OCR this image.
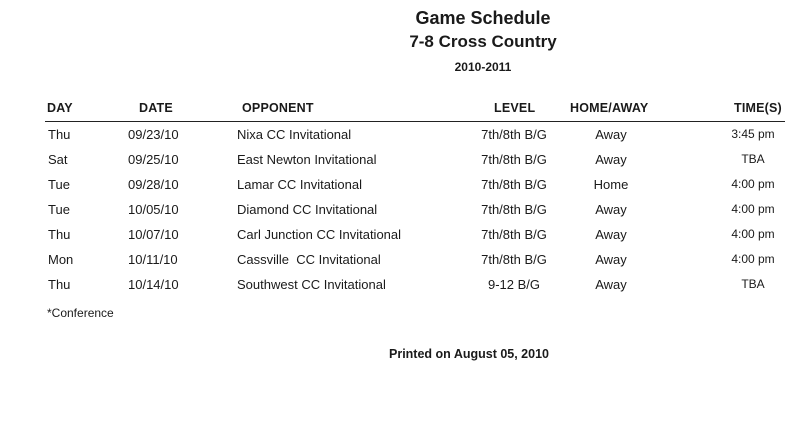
Game Schedule
7-8 Cross Country
2010-2011
DAY	DATE	OPPONENT	LEVEL	HOME/AWAY	TIME(S)
Thu	09/23/10	Nixa CC Invitational	7th/8th B/G	Away	3:45 pm
Sat	09/25/10	East Newton Invitational	7th/8th B/G	Away	TBA
Tue	09/28/10	Lamar CC Invitational	7th/8th B/G	Home	4:00 pm
Tue	10/05/10	Diamond CC Invitational	7th/8th B/G	Away	4:00 pm
Thu	10/07/10	Carl Junction CC Invitational	7th/8th B/G	Away	4:00 pm
Mon	10/11/10	Cassville  CC Invitational	7th/8th B/G	Away	4:00 pm
Thu	10/14/10	Southwest CC Invitational	9-12 B/G	Away	TBA
*Conference
Printed on August 05, 2010
